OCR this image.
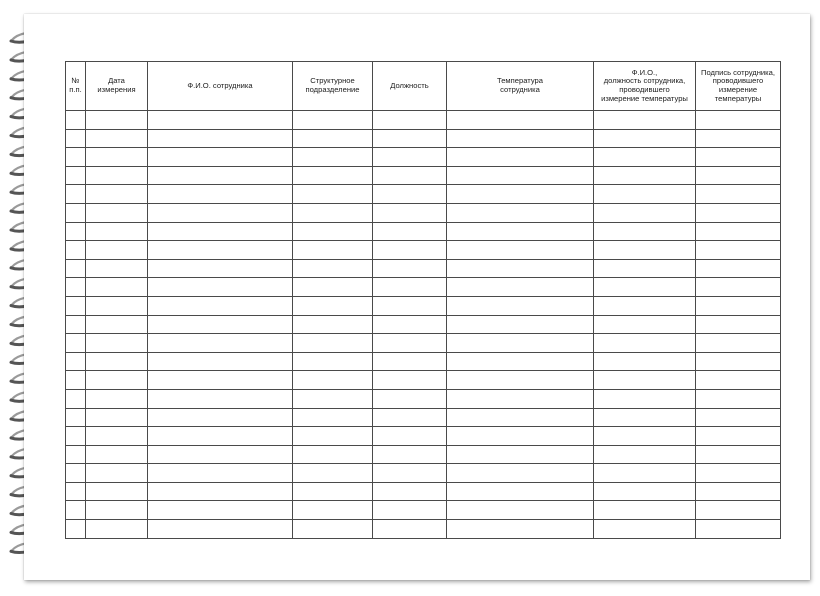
№
п.п.	Дата
измерения	Ф.И.О. сотрудника	Структурное
подразделение	Должность	Температура
сотрудника	Ф.И.О.,
должность сотрудника,
проводившего
измерение температуры	Подпись сотрудника,
проводившего
измерение
температуры
